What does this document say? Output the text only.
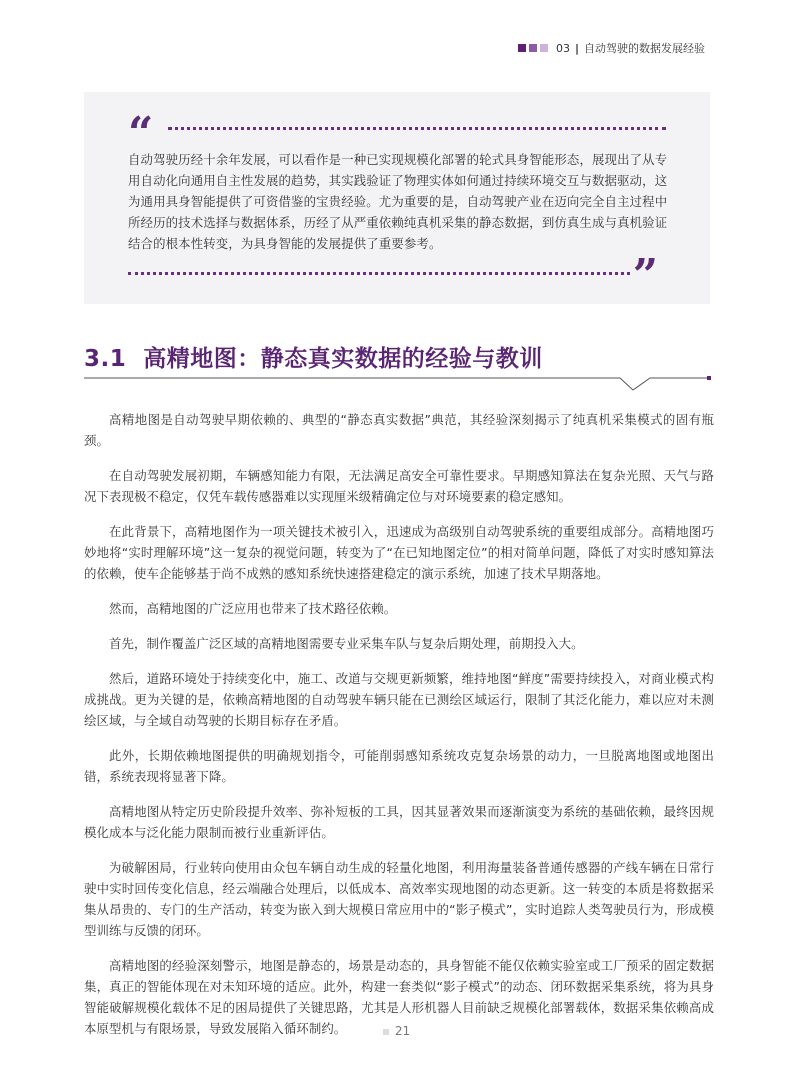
03 | 自动驾驶的数据发展经验
“

自动驾驶历经十余年发展，可以看作是一种已实现规模化部署的轮式具身智能形态，展现出了从专用自动化向通用自主性发展的趋势，其实践验证了物理实体如何通过持续环境交互与数据驱动，这为通用具身智能提供了可资借鉴的宝贵经验。尤为重要的是，自动驾驶产业在迈向完全自主过程中所经历的技术选择与数据体系，历经了从严重依赖纯真机采集的静态数据，到仿真生成与真机验证结合的根本性转变，为具身智能的发展提供了重要参考。

”
3.1 高精地图：静态真实数据的经验与教训

高精地图是自动驾驶早期依赖的、典型的“静态真实数据”典范，其经验深刻揭示了纯真机采集模式的固有瓶颈。

在自动驾驶发展初期，车辆感知能力有限，无法满足高安全可靠性要求。早期感知算法在复杂光照、天气与路况下表现极不稳定，仅凭车载传感器难以实现厘米级精确定位与对环境要素的稳定感知。

在此背景下，高精地图作为一项关键技术被引入，迅速成为高级别自动驾驶系统的重要组成部分。高精地图巧妙地将“实时理解环境”这一复杂的视觉问题，转变为了“在已知地图定位”的相对简单问题，降低了对实时感知算法的依赖，使车企能够基于尚不成熟的感知系统快速搭建稳定的演示系统，加速了技术早期落地。

然而，高精地图的广泛应用也带来了技术路径依赖。

首先，制作覆盖广泛区域的高精地图需要专业采集车队与复杂后期处理，前期投入大。

然后，道路环境处于持续变化中，施工、改道与交规更新频繁，维持地图“鲜度”需要持续投入，对商业模式构成挑战。更为关键的是，依赖高精地图的自动驾驶车辆只能在已测绘区域运行，限制了其泛化能力，难以应对未测绘区域，与全域自动驾驶的长期目标存在矛盾。

此外，长期依赖地图提供的明确规划指令，可能削弱感知系统攻克复杂场景的动力，一旦脱离地图或地图出错，系统表现将显著下降。

高精地图从特定历史阶段提升效率、弥补短板的工具，因其显著效果而逐渐演变为系统的基础依赖，最终因规模化成本与泛化能力限制而被行业重新评估。

为破解困局，行业转向使用由众包车辆自动生成的轻量化地图，利用海量装备普通传感器的产线车辆在日常行驶中实时回传变化信息，经云端融合处理后，以低成本、高效率实现地图的动态更新。这一转变的本质是将数据采集从昂贵的、专门的生产活动，转变为嵌入到大规模日常应用中的“影子模式”，实时追踪人类驾驶员行为，形成模型训练与反馈的闭环。

高精地图的经验深刻警示，地图是静态的，场景是动态的，具身智能不能仅依赖实验室或工厂预采的固定数据集，真正的智能体现在对未知环境的适应。此外，构建一套类似“影子模式”的动态、闭环数据采集系统，将为具身智能破解规模化载体不足的困局提供了关键思路，尤其是人形机器人目前缺乏规模化部署载体，数据采集依赖高成本原型机与有限场景，导致发展陷入循环制约。	21
